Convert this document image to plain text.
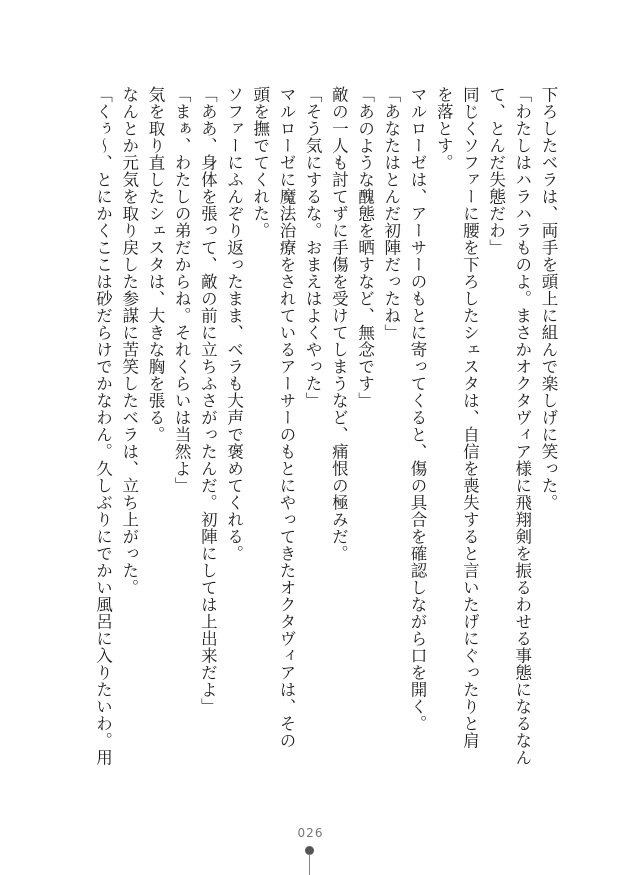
下ろしたベラは、両手を頭上に組んで楽しげに笑った。
「わたしはハラハラものよ。まさかオクタヴィア様に飛翔剣を振るわせる事態になるなん
て、とんだ失態だわ」
同じくソファーに腰を下ろしたシェスタは、自信を喪失すると言いたげにぐったりと肩
を落とす。
マルローゼは、アーサーのもとに寄ってくると、傷の具合を確認しながら口を開く。
「あなたはとんだ初陣だったね」
「あのような醜態を晒すなど、無念です」
敵の一人も討てずに手傷を受けてしまうなど、痛恨の極みだ。
「そう気にするな。おまえはよくやった」
マルローゼに魔法治療をされているアーサーのもとにやってきたオクタヴィアは、その
頭を撫でてくれた。
ソファーにふんぞり返ったまま、ベラも大声で褒めてくれる。
「ああ、身体を張って、敵の前に立ちふさがったんだ。初陣にしては上出来だよ」
「まぁ、わたしの弟だからね。それくらいは当然よ」
気を取り直したシェスタは、大きな胸を張る。
なんとか元気を取り戻した参謀に苦笑したベラは、立ち上がった。
「くぅ〜、とにかくここは砂だらけでかなわん。久しぶりにでかい風呂に入りたいわ。用
026
